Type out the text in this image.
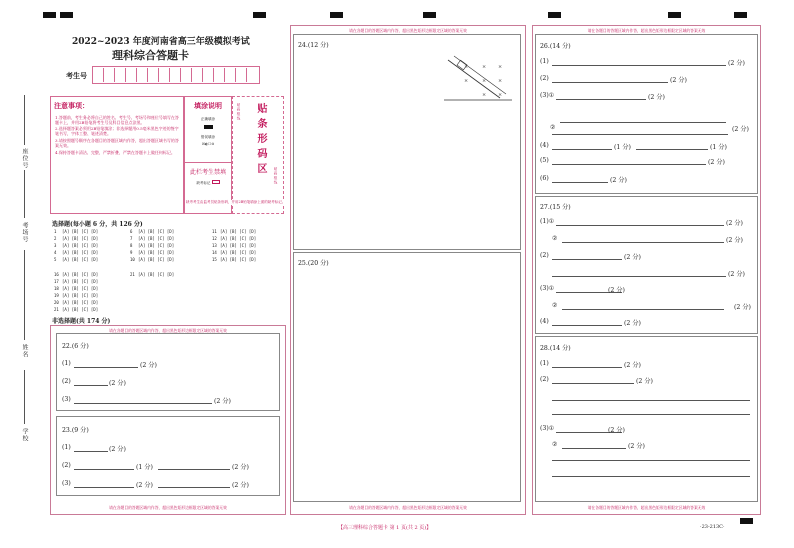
2022~2023 年度河南省高三年级模拟考试
理科综合答题卡
考生号
注意事项：
1.答题前，考生务必将自己的姓名、考生号、考场号和座位号填写在答题卡上，并用2B铅笔将考生号及科目信息点涂黑。
2.选择题答案必须用2B铅笔填涂；非选择题用0.5毫米黑色字迹的签字笔书写，字体工整、笔迹清楚。
3.请按照题号顺序在各题目的答题区域内作答，超出答题区域书写的答案无效。
4.保持答题卡清洁、完整，严禁折叠，严禁在答题卡上做任何标记。
填涂说明
正确填涂
错误填涂
☒◐☐⊙
此栏考生禁填
缺考标记
贴条形码区
贴码框线
贴码框线
缺考考生由监考员贴条形码，并用2B铅笔填涂上面的缺考标记。
座位号
考场号
姓名
学校
选择题(每小题 6 分，共 126 分)
1 [A] [B] [C] [D]
2 [A] [B] [C] [D]
3 [A] [B] [C] [D]
4 [A] [B] [C] [D]
5 [A] [B] [C] [D]
6 [A] [B] [C] [D]
7 [A] [B] [C] [D]
8 [A] [B] [C] [D]
9 [A] [B] [C] [D]
10 [A] [B] [C] [D]
11 [A] [B] [C] [D]
12 [A] [B] [C] [D]
13 [A] [B] [C] [D]
14 [A] [B] [C] [D]
15 [A] [B] [C] [D]
16 [A] [B] [C] [D]
17 [A] [B] [C] [D]
18 [A] [B] [C] [D]
19 [A] [B] [C] [D]
20 [A] [B] [C] [D]
21 [A] [B] [C] [D]
21 [A] [B] [C] [D]
非选择题(共 174 分)
请在各题目的答题区域内作答，超出黑色矩形边框限定区域的答案无效
22.(6 分)
(1)	(2 分)
(2)	(2 分)
(3)	(2 分)
23.(9 分)
(1)	(2 分)
(2)	(1 分)	(2 分)
(3)	(2 分)	(2 分)
请在各题目的答题区域内作答，超出黑色矩形边框限定区域的答案无效
请在各题目的答题区域内作答，超出黑色矩形边框限定区域的答案无效
24.(12 分)
×	× ×
×	× ×
× ×
25.(20 分)
请在各题目的答题区域内作答，超出黑色矩形边框限定区域的答案无效
请在各题目的答题区域内作答，超出黑色矩形边框限定区域的答案无效
26.(14 分)
27.(15 分)
28.(14 分)
(1)	(2 分)
(2)	(2 分)
(3)①	(2 分)
②	(2 分)
(4)	(1 分)	(1 分)
(5)	(2 分)
(6)	(2 分)
(1)①	(2 分)
②	(2 分)
(2)	(2 分)
(2 分)
(3)①	(2 分)
②	(2 分)
(4)	(2 分)
(1)	(2 分)
(2)	(2 分)
(3)①	(2 分)
②	(2 分)
请在各题目的答题区域内作答，超出黑色矩形边框限定区域的答案无效
【高三理科综合答题卡 第 1 页(共 2 页)】	·23-213C·
